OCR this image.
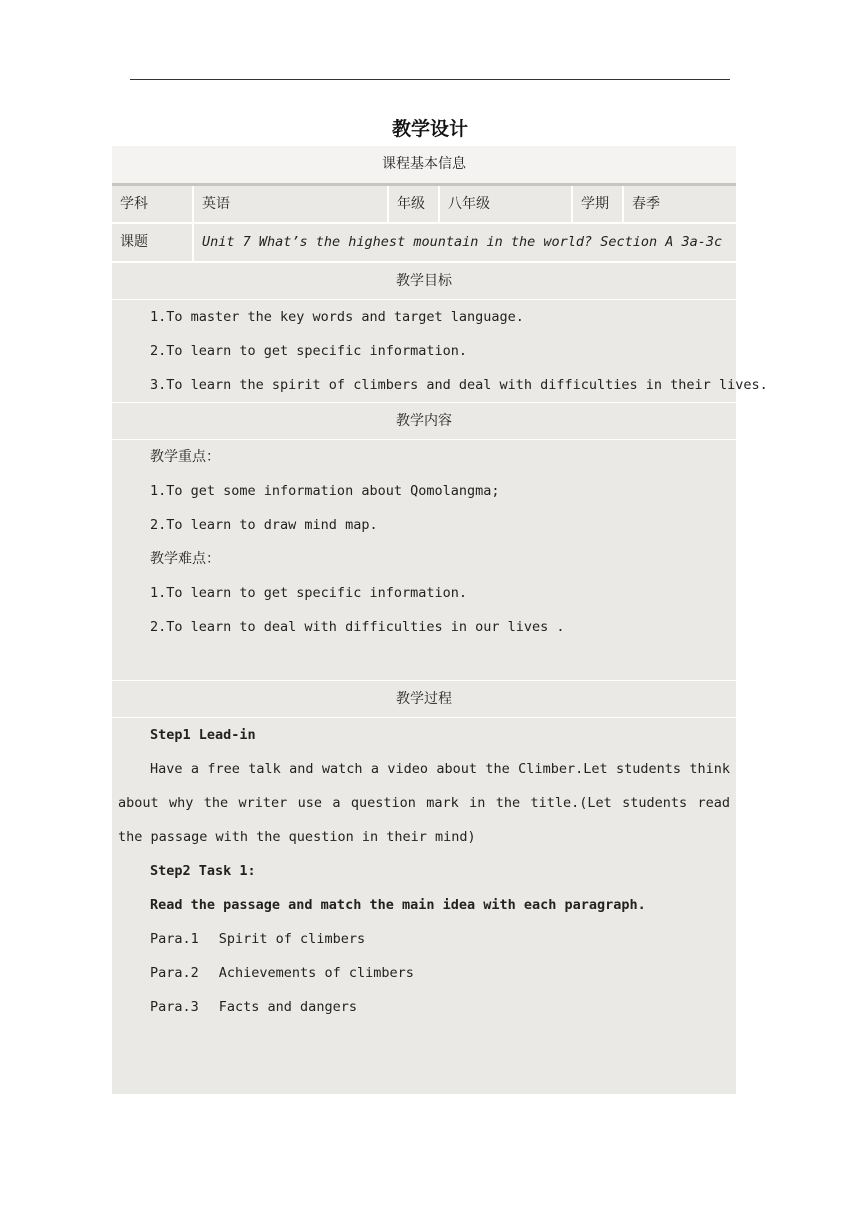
教学设计
课程基本信息
学科	英语	年级	八年级	学期	春季
课题	Unit 7 What’s the highest mountain in the world? Section A 3a-3c
教学目标
1.To master the key words and target language.
2.To learn to get specific information.
3.To learn the spirit of climbers and deal with difficulties in their lives.
教学内容
教学重点：
1.To get some information about Qomolangma;
2.To learn to draw mind map.
教学难点：
1.To learn to get specific information.
2.To learn to deal with difficulties in our lives .
教学过程
Step1 Lead-in
Have a free talk and watch a video about the Climber.Let students think about why the writer use a question mark in the title.(Let students read the passage with the question in their mind)
Step2 Task 1:
Read the passage and match the main idea with each paragraph.
Para.1 Spirit of climbers
Para.2 Achievements of climbers
Para.3 Facts and dangers
